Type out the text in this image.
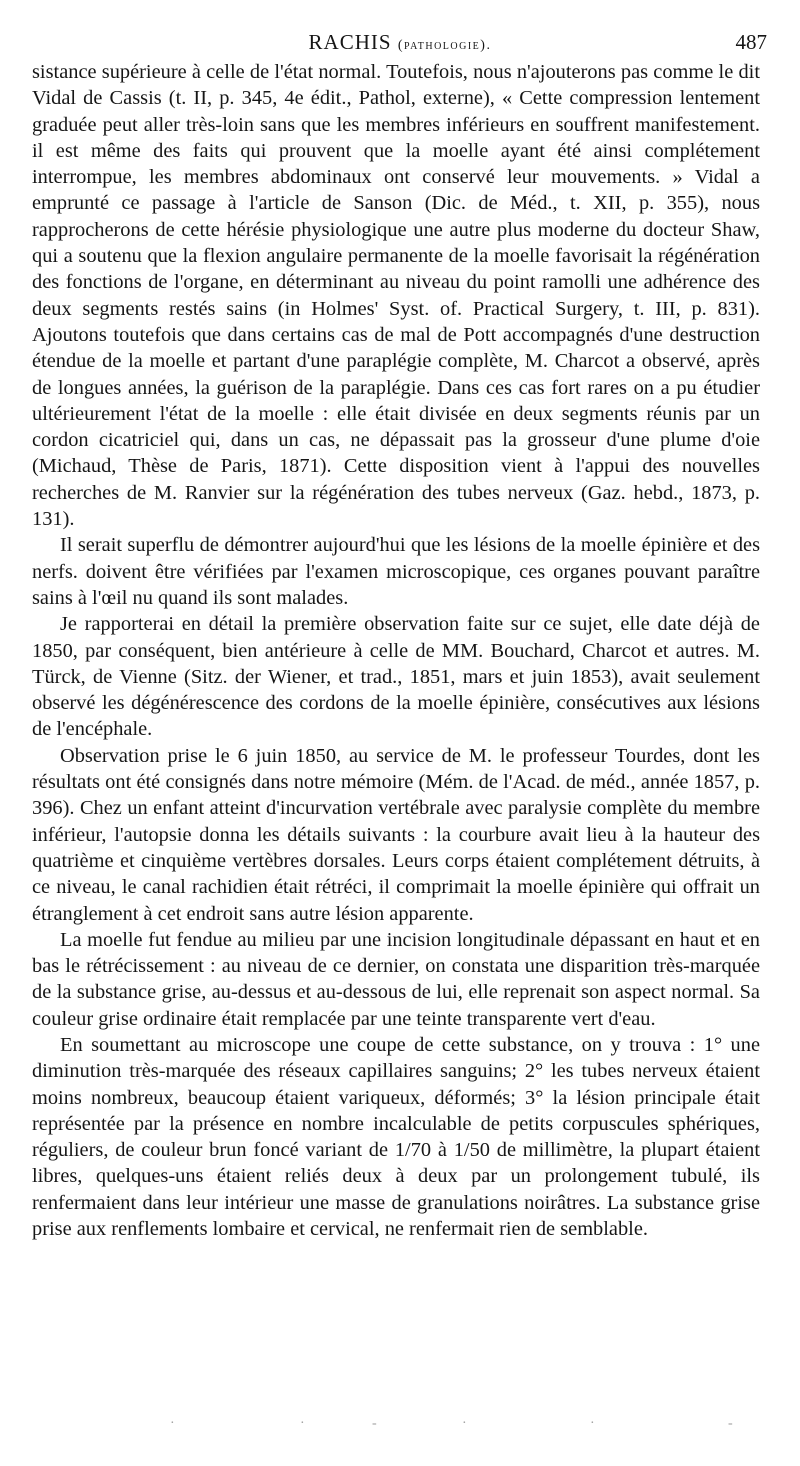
RACHIS (pathologie).	487

sistance supérieure à celle de l'état normal. Toutefois, nous n'ajouterons pas comme le dit Vidal de Cassis (t. II, p. 345, 4e édit., Pathol, externe), « Cette compression lentement graduée peut aller très-loin sans que les membres inférieurs en souffrent manifestement. il est même des faits qui prouvent que la moelle ayant été ainsi complétement interrompue, les membres abdominaux ont conservé leur mouvements. » Vidal a emprunté ce passage à l'article de Sanson (Dic. de Méd., t. XII, p. 355), nous rapprocherons de cette hérésie physiologique une autre plus moderne du docteur Shaw, qui a soutenu que la flexion angulaire permanente de la moelle favorisait la régénération des fonctions de l'organe, en déterminant au niveau du point ramolli une adhérence des deux segments restés sains (in Holmes' Syst. of. Practical Surgery, t. III, p. 831). Ajoutons toutefois que dans certains cas de mal de Pott accompagnés d'une destruction étendue de la moelle et partant d'une paraplégie complète, M. Charcot a observé, après de longues années, la guérison de la paraplégie. Dans ces cas fort rares on a pu étudier ultérieurement l'état de la moelle : elle était divisée en deux segments réunis par un cordon cicatriciel qui, dans un cas, ne dépassait pas la grosseur d'une plume d'oie (Michaud, Thèse de Paris, 1871). Cette disposition vient à l'appui des nouvelles recherches de M. Ranvier sur la régénération des tubes nerveux (Gaz. hebd., 1873, p. 131).

Il serait superflu de démontrer aujourd'hui que les lésions de la moelle épinière et des nerfs. doivent être vérifiées par l'examen microscopique, ces organes pouvant paraître sains à l'œil nu quand ils sont malades.

Je rapporterai en détail la première observation faite sur ce sujet, elle date déjà de 1850, par conséquent, bien antérieure à celle de MM. Bouchard, Charcot et autres. M. Türck, de Vienne (Sitz. der Wiener, et trad., 1851, mars et juin 1853), avait seulement observé les dégénérescence des cordons de la moelle épinière, consécutives aux lésions de l'encéphale.

Observation prise le 6 juin 1850, au service de M. le professeur Tourdes, dont les résultats ont été consignés dans notre mémoire (Mém. de l'Acad. de méd., année 1857, p. 396). Chez un enfant atteint d'incurvation vertébrale avec paralysie complète du membre inférieur, l'autopsie donna les détails suivants : la courbure avait lieu à la hauteur des quatrième et cinquième vertèbres dorsales. Leurs corps étaient complétement détruits, à ce niveau, le canal rachidien était rétréci, il comprimait la moelle épinière qui offrait un étranglement à cet endroit sans autre lésion apparente.

La moelle fut fendue au milieu par une incision longitudinale dépassant en haut et en bas le rétrécissement : au niveau de ce dernier, on constata une disparition très-marquée de la substance grise, au-dessus et au-dessous de lui, elle reprenait son aspect normal. Sa couleur grise ordinaire était remplacée par une teinte transparente vert d'eau.

En soumettant au microscope une coupe de cette substance, on y trouva : 1° une diminution très-marquée des réseaux capillaires sanguins; 2° les tubes nerveux étaient moins nombreux, beaucoup étaient variqueux, déformés; 3° la lésion principale était représentée par la présence en nombre incalculable de petits corpuscules sphériques, réguliers, de couleur brun foncé variant de 1/70 à 1/50 de millimètre, la plupart étaient libres, quelques-uns étaient reliés deux à deux par un prolongement tubulé, ils renfermaient dans leur intérieur une masse de granulations noirâtres. La substance grise prise aux renflements lombaire et cervical, ne renfermait rien de semblable.

·	·	-	·	·	-
